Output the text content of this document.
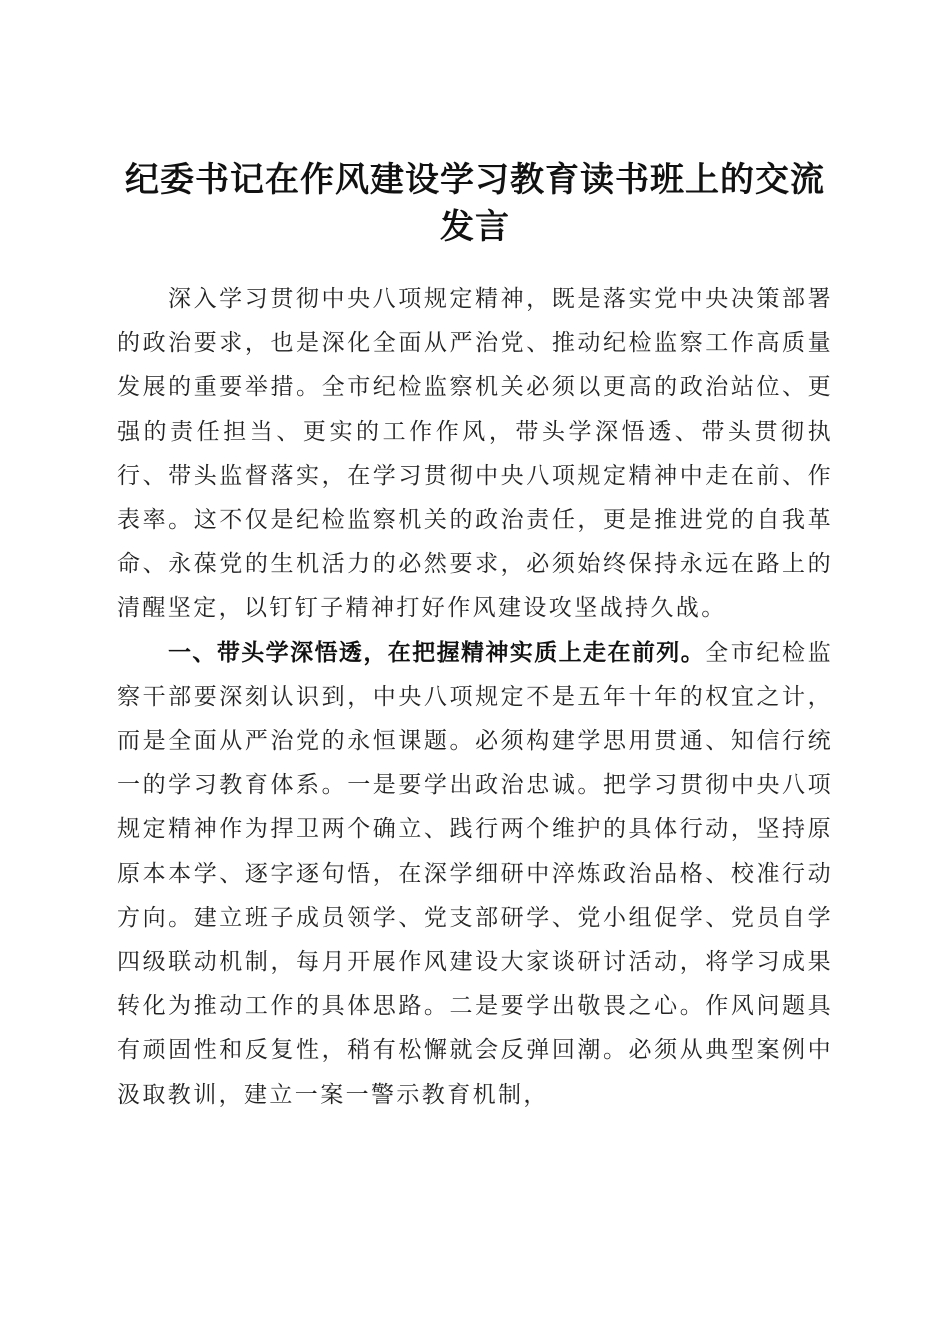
纪委书记在作风建设学习教育读书班上的交流发言

深入学习贯彻中央八项规定精神，既是落实党中央决策部署的政治要求，也是深化全面从严治党、推动纪检监察工作高质量发展的重要举措。全市纪检监察机关必须以更高的政治站位、更强的责任担当、更实的工作作风，带头学深悟透、带头贯彻执行、带头监督落实，在学习贯彻中央八项规定精神中走在前、作表率。这不仅是纪检监察机关的政治责任，更是推进党的自我革命、永葆党的生机活力的必然要求，必须始终保持永远在路上的清醒坚定，以钉钉子精神打好作风建设攻坚战持久战。

一、带头学深悟透，在把握精神实质上走在前列。全市纪检监察干部要深刻认识到，中央八项规定不是五年十年的权宜之计，而是全面从严治党的永恒课题。必须构建学思用贯通、知信行统一的学习教育体系。一是要学出政治忠诚。把学习贯彻中央八项规定精神作为捍卫两个确立、践行两个维护的具体行动，坚持原原本本学、逐字逐句悟，在深学细研中淬炼政治品格、校准行动方向。建立班子成员领学、党支部研学、党小组促学、党员自学四级联动机制，每月开展作风建设大家谈研讨活动，将学习成果转化为推动工作的具体思路。二是要学出敬畏之心。作风问题具有顽固性和反复性，稍有松懈就会反弹回潮。必须从典型案例中汲取教训，建立一案一警示教育机制，
